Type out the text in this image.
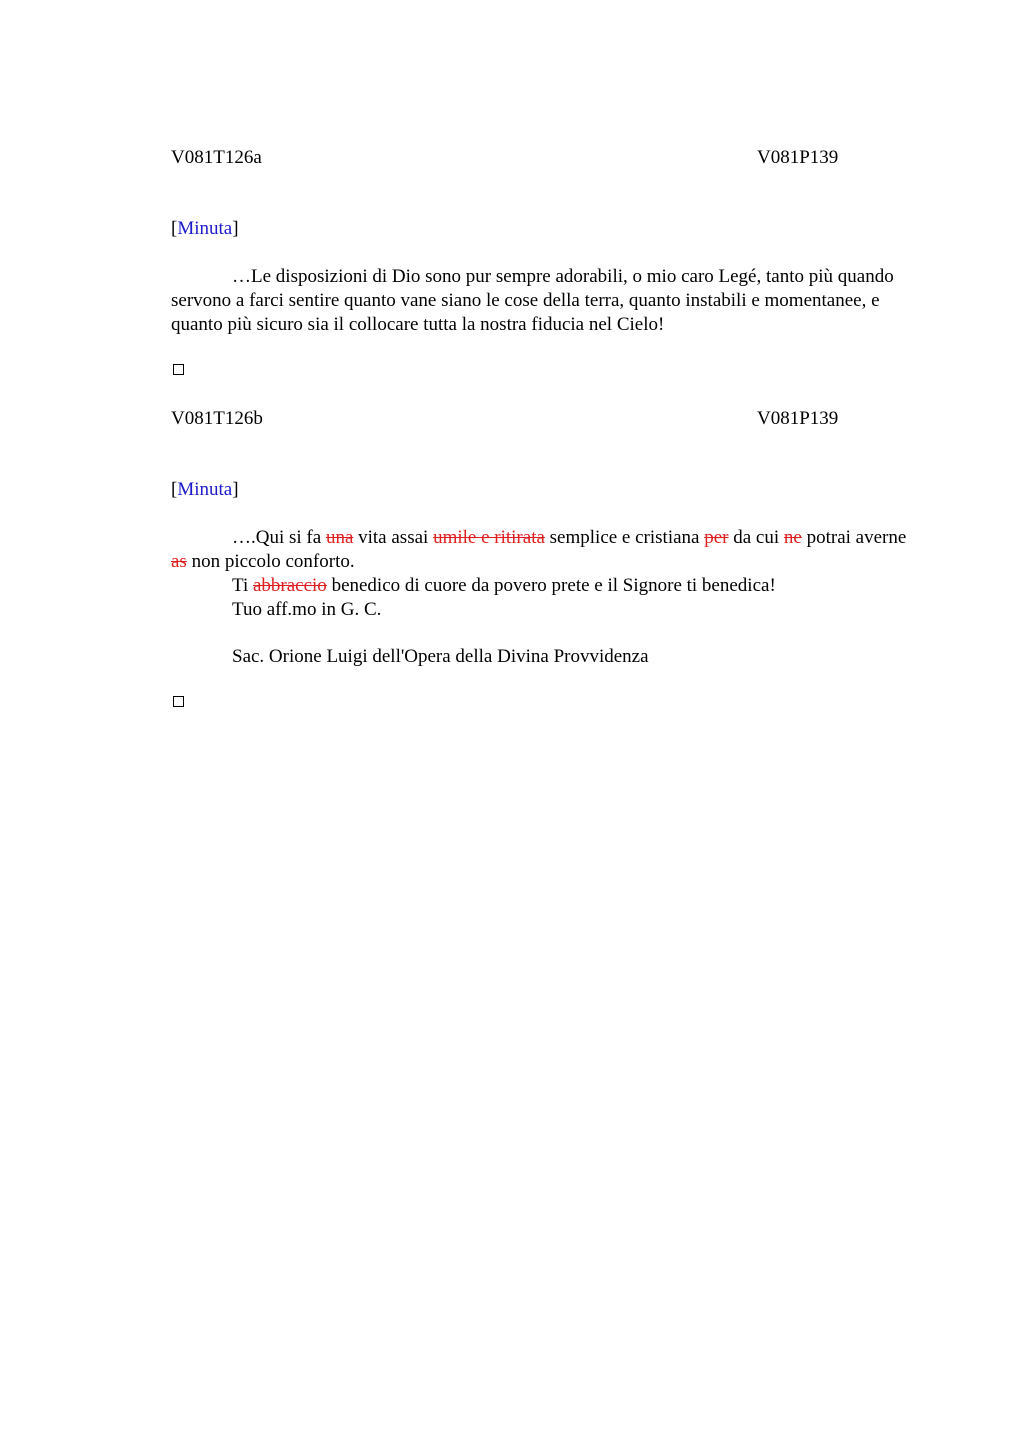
V081T126a	V081P139
[Minuta]

…Le disposizioni di Dio sono pur sempre adorabili, o mio caro Legé, tanto più quando servono a farci sentire quanto vane siano le cose della terra, quanto instabili e momentanee, e quanto più sicuro sia il collocare tutta la nostra fiducia nel Cielo!

V081T126b	V081P139
[Minuta]

….Qui si fa una vita assai umile e ritirata semplice e cristiana per da cui ne potrai averne as non piccolo conforto.

Ti abbraccio benedico di cuore da povero prete e il Signore ti benedica!
Tuo aff.mo in G. C.
Sac. Orione Luigi dell'Opera della Divina Provvidenza
